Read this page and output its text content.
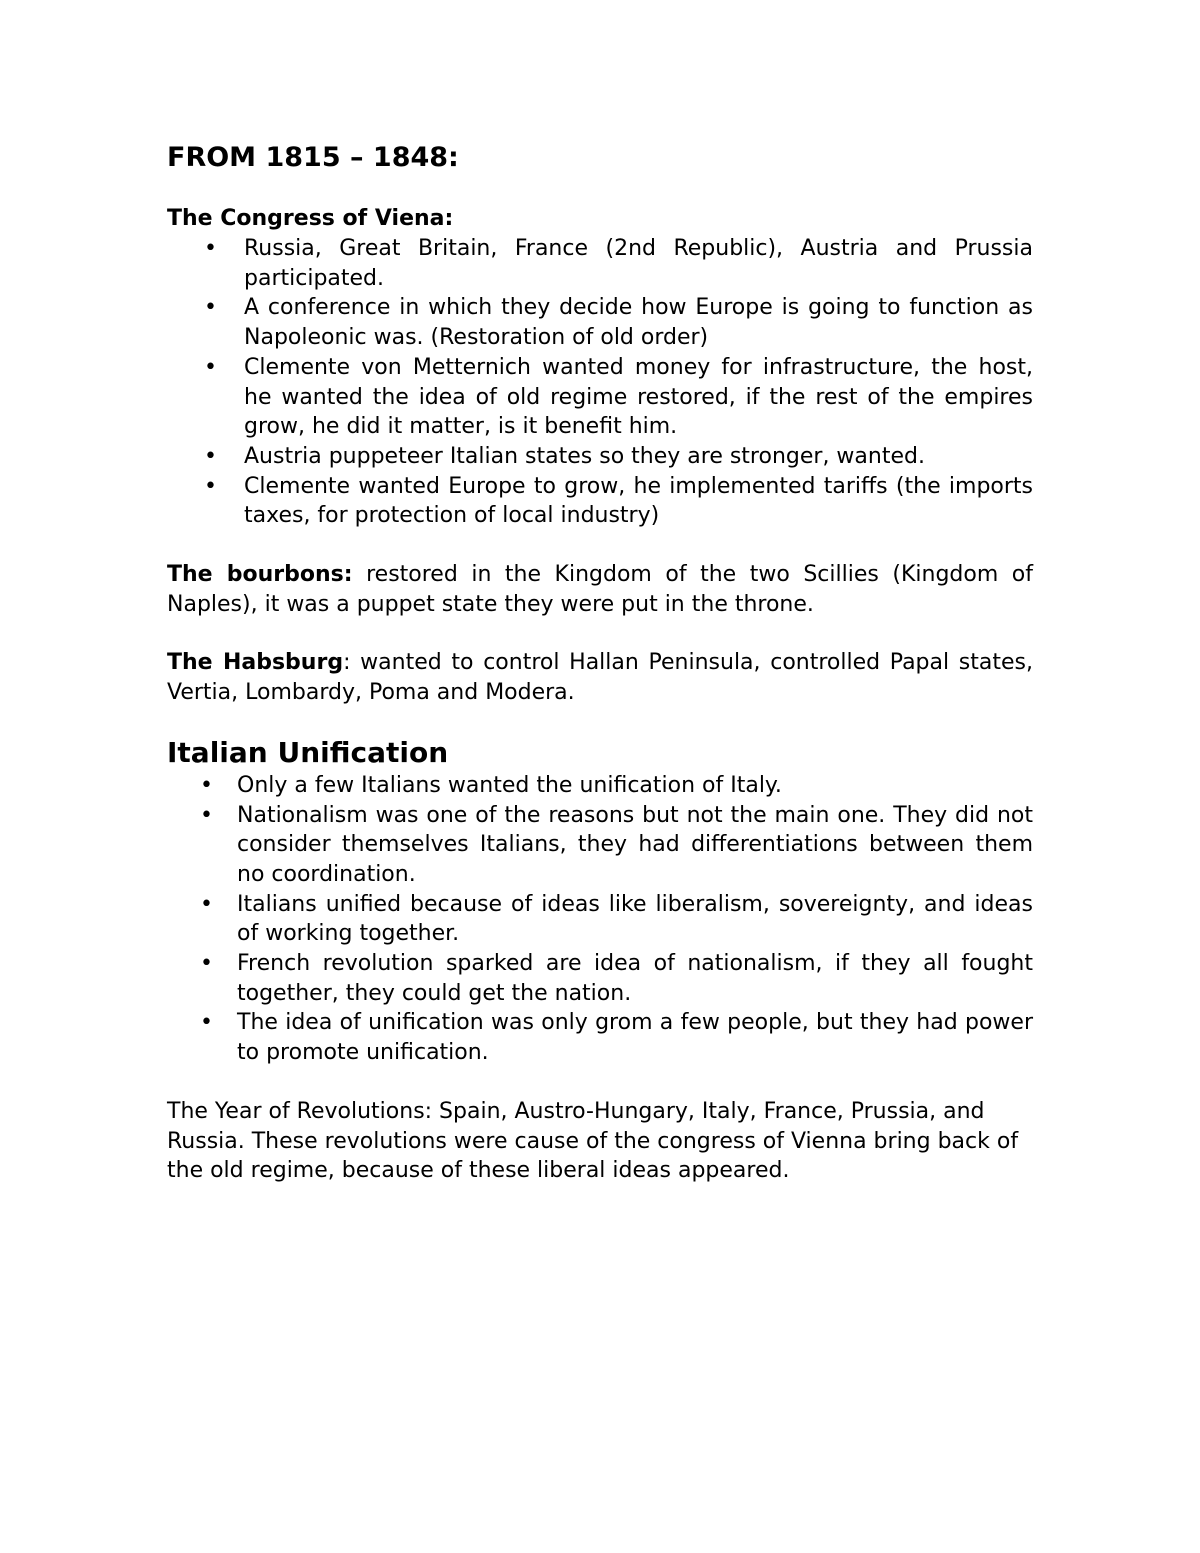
FROM 1815 – 1848:
The Congress of Viena:
• Russia, Great Britain, France (2nd Republic), Austria and Prussia participated.
• A conference in which they decide how Europe is going to function as Napoleonic was. (Restoration of old order)
• Clemente von Metternich wanted money for infrastructure, the host, he wanted the idea of old regime restored, if the rest of the empires grow, he did it matter, is it benefit him.
• Austria puppeteer Italian states so they are stronger, wanted.
• Clemente wanted Europe to grow, he implemented tariffs (the imports taxes, for protection of local industry)

The bourbons: restored in the Kingdom of the two Scillies (Kingdom of Naples), it was a puppet state they were put in the throne.

The Habsburg: wanted to control Hallan Peninsula, controlled Papal states, Vertia, Lombardy, Poma and Modera.

Italian Unification
• Only a few Italians wanted the unification of Italy.
• Nationalism was one of the reasons but not the main one. They did not consider themselves Italians, they had differentiations between them no coordination.
• Italians unified because of ideas like liberalism, sovereignty, and ideas of working together.
• French revolution sparked are idea of nationalism, if they all fought together, they could get the nation.
• The idea of unification was only grom a few people, but they had power to promote unification.

The Year of Revolutions: Spain, Austro-Hungary, Italy, France, Prussia, and Russia. These revolutions were cause of the congress of Vienna bring back of the old regime, because of these liberal ideas appeared.
